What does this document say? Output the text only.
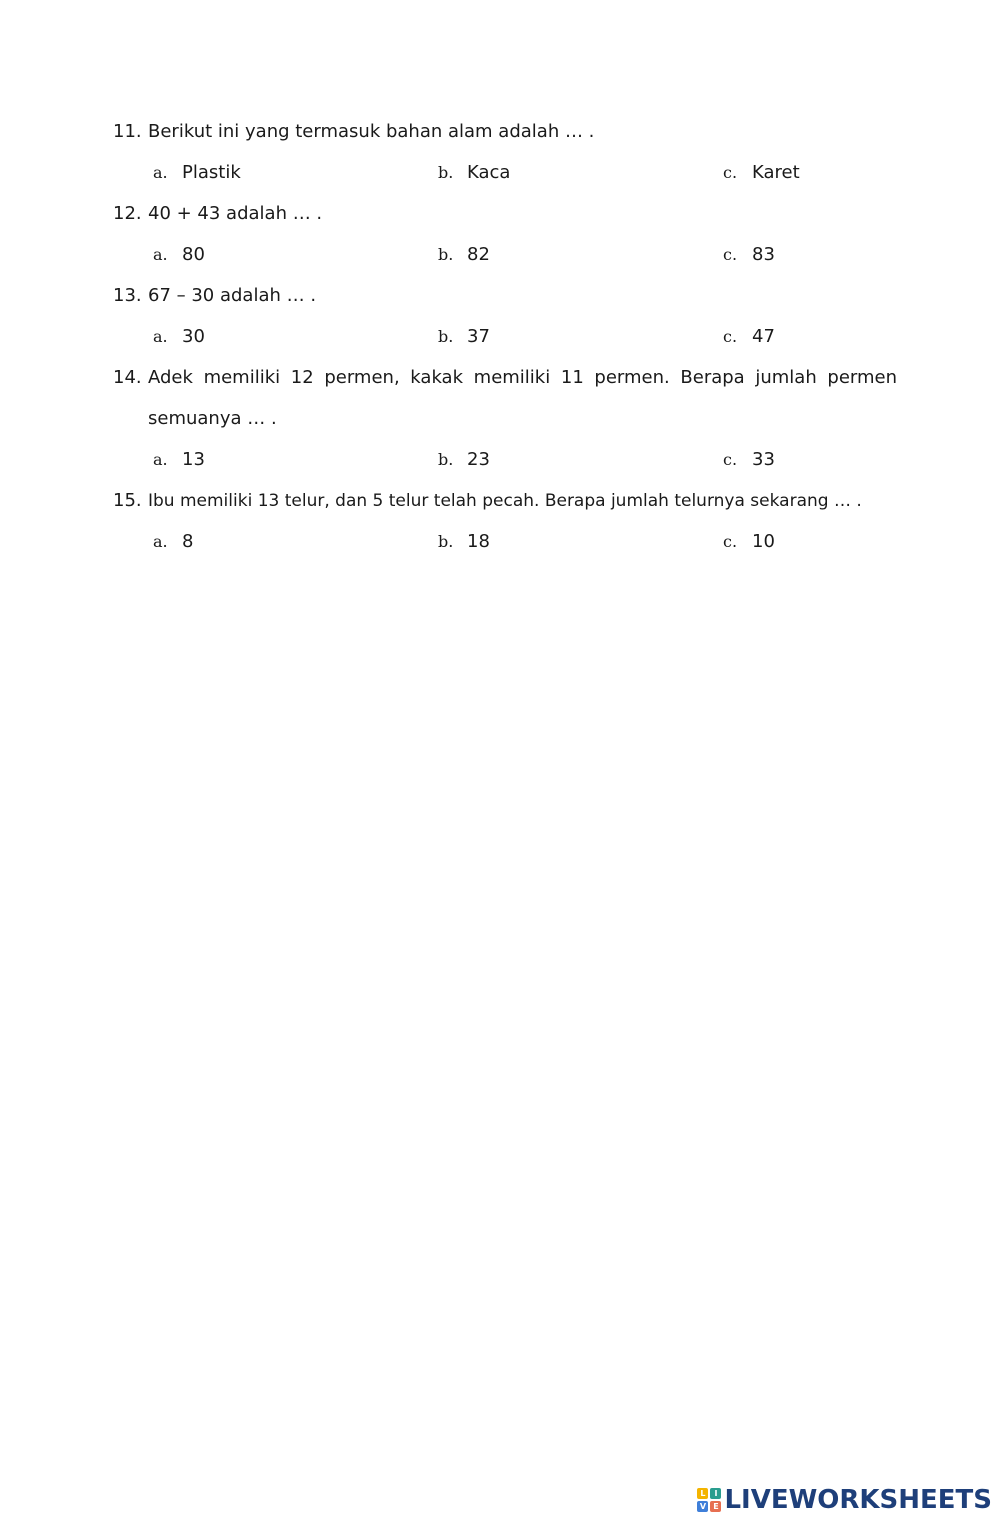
11. Berikut ini yang termasuk bahan alam adalah … .
a. Plastik	b. Kaca	c. Karet
12. 40 + 43 adalah … .
a. 80	b. 82	c. 83
13. 67 – 30 adalah … .
a. 30	b. 37	c. 47
14. Adek memiliki 12 permen, kakak memiliki 11 permen. Berapa jumlah permen
semuanya … .
a. 13	b. 23	c. 33
15. Ibu memiliki 13 telur, dan 5 telur telah pecah. Berapa jumlah telurnya sekarang … .
a. 8	b. 18	c. 10
L	I
V E LIVEWORKSHEETS
